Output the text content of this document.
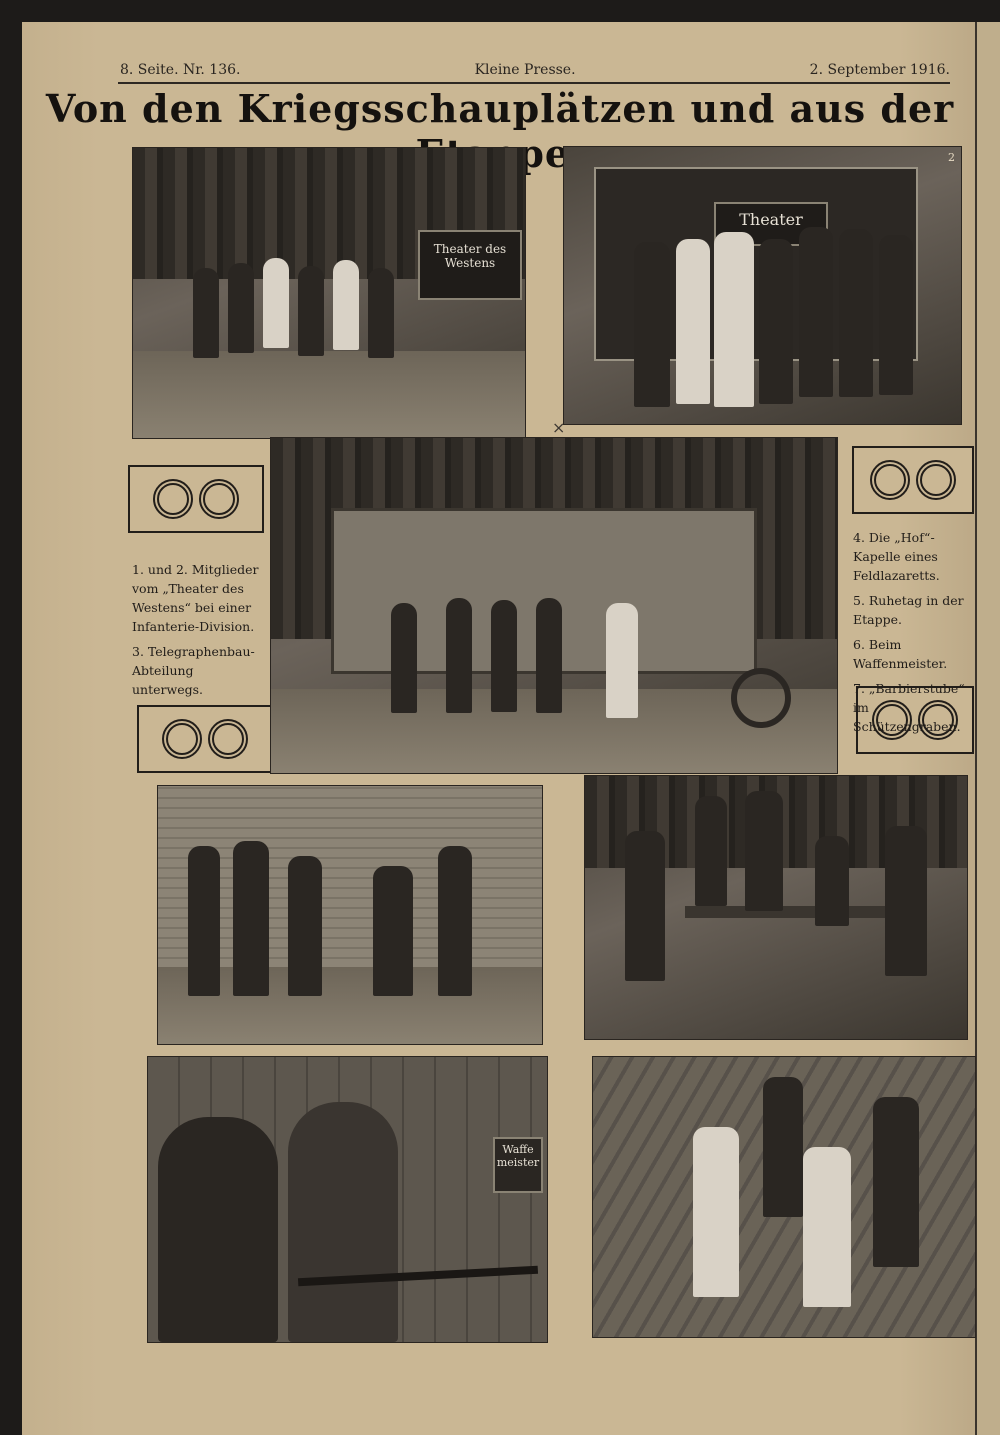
8. Seite. Nr. 136.	Kleine Presse.	2. September 1916.
Von den Kriegsschauplätzen und aus der
Theater des Westens
2
Theater
×

1. und 2. Mitglieder vom „Theater des Westens“ bei einer Infanterie-Division.

3. Telegraphenbau-Abteilung unterwegs.

4. Die „Hof“-Kapelle eines Feldlazaretts.

5. Ruhetag in der Etappe.

6. Beim Waffenmeister.

7. „Barbierstube“ im Schützengraben.

Waffe meister
